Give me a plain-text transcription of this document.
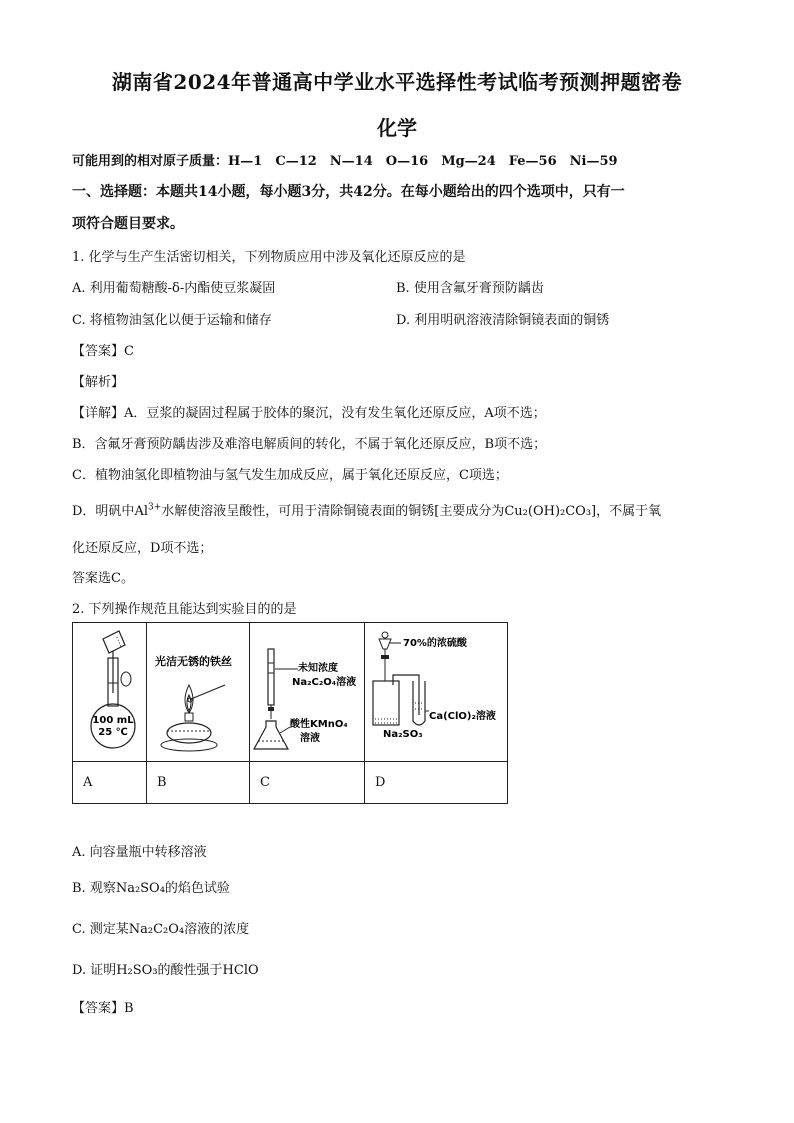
湖南省2024年普通高中学业水平选择性考试临考预测押题密卷
化学
可能用到的相对原子质量：H—1 C—12 N—14 O—16 Mg—24 Fe—56 Ni—59
一、选择题：本题共14小题，每小题3分，共42分。在每小题给出的四个选项中，只有一
项符合题目要求。
1. 化学与生产生活密切相关，下列物质应用中涉及氧化还原反应的是
A. 利用葡萄糖酸-δ-内酯使豆浆凝固	B. 使用含氟牙膏预防龋齿
C. 将植物油氢化以便于运输和储存	D. 利用明矾溶液清除铜镜表面的铜锈
【答案】C
【解析】
【详解】A．豆浆的凝固过程属于胶体的聚沉，没有发生氧化还原反应，A项不选；
B．含氟牙膏预防龋齿涉及难溶电解质间的转化，不属于氧化还原反应，B项不选；
C．植物油氢化即植物油与氢气发生加成反应，属于氧化还原反应，C项选；
D．明矾中$Al^{3+}$水解使溶液呈酸性，可用于清除铜镜表面的铜锈[主要成分为Cu₂(OH)₂CO₃]，不属于氧
化还原反应，D项不选；
答案选C。
2. 下列操作规范且能达到实验目的的是
100 mL
25 ℃	光洁无锈的铁丝	未知浓度
Na₂C₂O₄溶液
酸性KMnO₄
溶液	70%的浓硫酸
Ca(ClO)₂溶液
Na₂SO₃

A	B	C	D
A. 向容量瓶中转移溶液
B. 观察Na₂SO₄的焰色试验
C. 测定某Na₂C₂O₄溶液的浓度
D. 证明H₂SO₃的酸性强于HClO
【答案】B
